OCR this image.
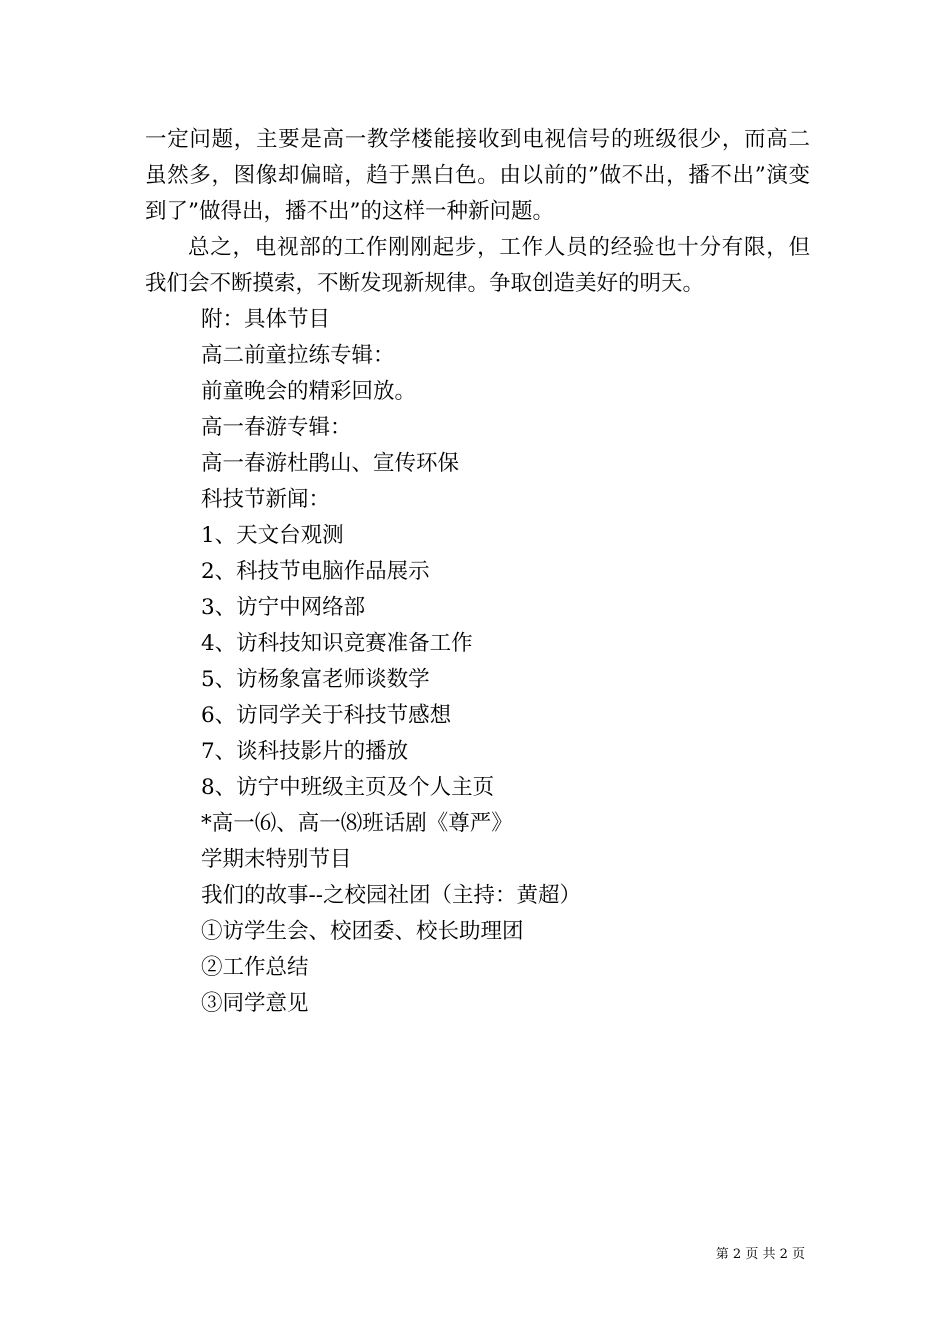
一定问题，主要是高一教学楼能接收到电视信号的班级很少，而高二虽然多，图像却偏暗，趋于黑白色。由以前的”做不出，播不出”演变到了”做得出，播不出”的这样一种新问题。

总之，电视部的工作刚刚起步，工作人员的经验也十分有限，但我们会不断摸索，不断发现新规律。争取创造美好的明天。

附：具体节目
高二前童拉练专辑：
前童晚会的精彩回放。
高一春游专辑：
高一春游杜鹃山、宣传环保
科技节新闻：
1、天文台观测
2、科技节电脑作品展示
3、访宁中网络部
4、访科技知识竞赛准备工作
5、访杨象富老师谈数学
6、访同学关于科技节感想
7、谈科技影片的播放
8、访宁中班级主页及个人主页
*高一⑹、高一⑻班话剧《尊严》
学期末特别节目
我们的故事--之校园社团（主持：黄超）
①访学生会、校团委、校长助理团
②工作总结
③同学意见
第 2 页 共 2 页
